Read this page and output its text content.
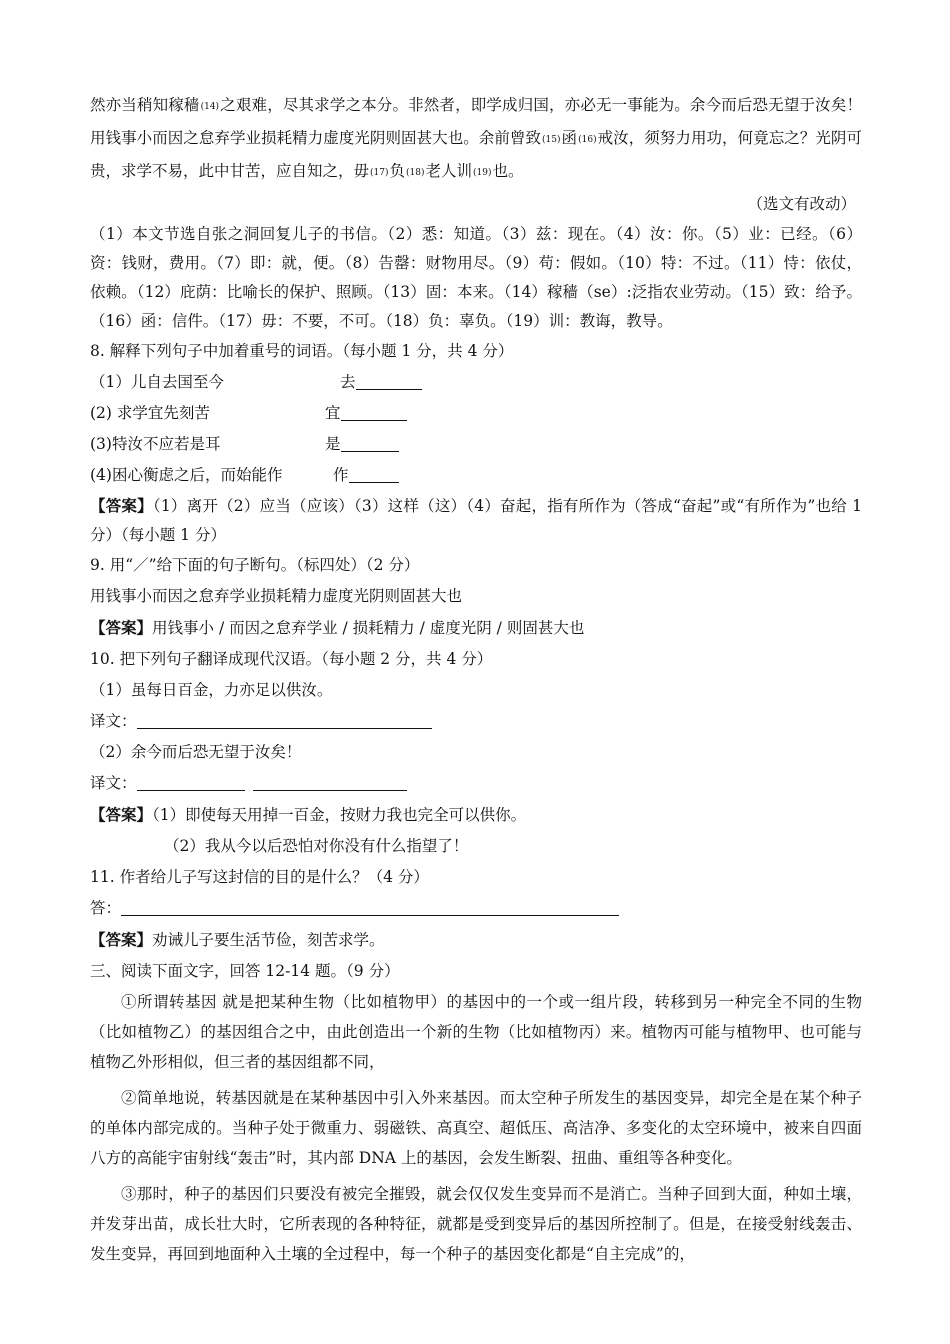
然亦当稍知稼穑(14)之艰难，尽其求学之本分。非然者，即学成归国，亦必无一事能为。余今而后恐无望于汝矣！用钱事小而因之怠弃学业损耗精力虚度光阴则固甚大也。余前曾致(15)函(16)戒汝，须努力用功，何竟忘之？光阴可贵，求学不易，此中甘苦，应自知之，毋(17)负(18)老人训(19)也。
（选文有改动）
（1）本文节选自张之洞回复儿子的书信。（2）悉：知道。（3）兹：现在。（4）汝：你。（5）业：已经。（6）资：钱财，费用。（7）即：就，便。（8）告罄：财物用尽。（9）苟：假如。（10）特：不过。（11）恃：依仗，依赖。（12）庇荫：比喻长的保护、照顾。（13）固：本来。（14）稼穑（se）:泛指农业劳动。（15）致：给予。（16）函：信件。（17）毋：不要，不可。（18）负：辜负。（19）训：教诲，教导。
8. 解释下列句子中加着重号的词语。（每小题 1 分，共 4 分）
（1）儿自去国至今	去
(2) 求学宜先刻苦	宜
(3)特汝不应若是耳	是
(4)困心衡虑之后，而始能作	作
【答案】（1）离开（2）应当（应该）（3）这样（这）（4）奋起，指有所作为（答成“奋起”或“有所作为”也给 1 分）（每小题 1 分）
9. 用“／”给下面的句子断句。（标四处）（2 分）
用钱事小而因之怠弃学业损耗精力虚度光阴则固甚大也
【答案】用钱事小 / 而因之怠弃学业 / 损耗精力 / 虚度光阴 / 则固甚大也
10. 把下列句子翻译成现代汉语。（每小题 2 分，共 4 分）
（1）虽每日百金，力亦足以供汝。
译文：
（2）余今而后恐无望于汝矣！
译文：
【答案】（1）即使每天用掉一百金，按财力我也完全可以供你。
（2）我从今以后恐怕对你没有什么指望了！
11. 作者给儿子写这封信的目的是什么？（4 分）
答：
【答案】劝诫儿子要生活节俭，刻苦求学。
三、阅读下面文字，回答 12-14 题。（9 分）
①所谓转基因 就是把某种生物（比如植物甲）的基因中的一个或一组片段，转移到另一种完全不同的生物（比如植物乙）的基因组合之中，由此创造出一个新的生物（比如植物丙）来。植物丙可能与植物甲、也可能与植物乙外形相似，但三者的基因组都不同，
②简单地说，转基因就是在某种基因中引入外来基因。而太空种子所发生的基因变异，却完全是在某个种子的单体内部完成的。当种子处于微重力、弱磁铁、高真空、超低压、高洁净、多变化的太空环境中，被来自四面八方的高能宇宙射线“轰击”时，其内部 DNA 上的基因，会发生断裂、扭曲、重组等各种变化。
③那时，种子的基因们只要没有被完全摧毁，就会仅仅发生变异而不是消亡。当种子回到大面，种如土壤，并发芽出苗，成长壮大时，它所表现的各种特征，就都是受到变异后的基因所控制了。但是，在接受射线轰击、发生变异，再回到地面种入土壤的全过程中，每一个种子的基因变化都是“自主完成”的，
